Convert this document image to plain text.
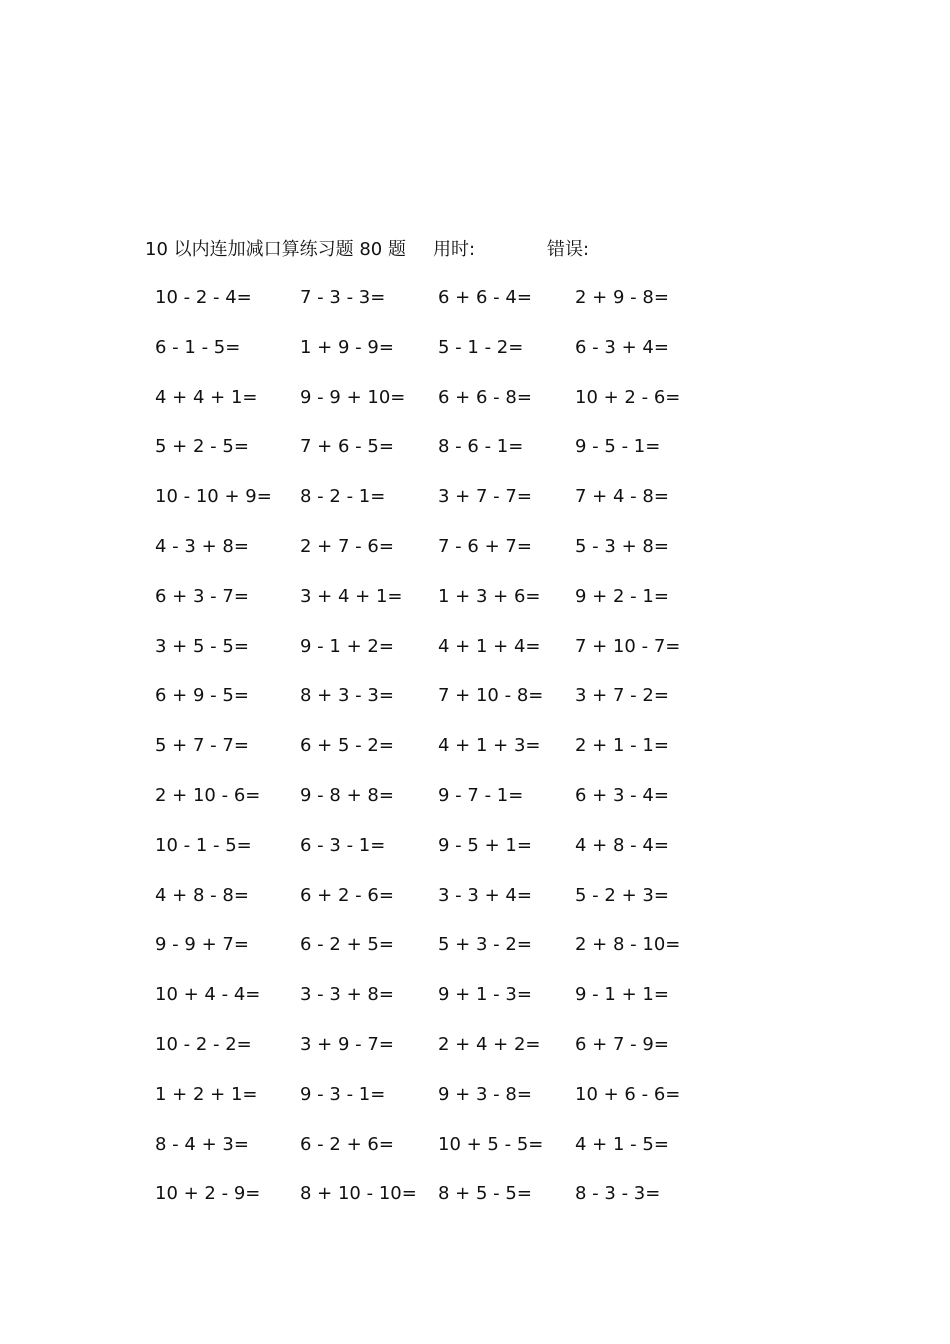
10 以内连加减口算练习题 80 题 用时:	错误:
10 - 2 - 4=	7 - 3 - 3=	6 + 6 - 4= 2 + 9 - 8=
6 - 1 - 5=	1 + 9 - 9= 5 - 1 - 2=	6 - 3 + 4=
4 + 4 + 1= 9 - 9 + 10= 6 + 6 - 8= 10 + 2 - 6=
5 + 2 - 5=	7 + 6 - 5= 8 - 6 - 1=	9 - 5 - 1=
10 - 10 + 9= 8 - 2 - 1=	3 + 7 - 7= 7 + 4 - 8=
4 - 3 + 8=	2 + 7 - 6= 7 - 6 + 7= 5 - 3 + 8=
6 + 3 - 7=	3 + 4 + 1= 1 + 3 + 6= 9 + 2 - 1=
3 + 5 - 5=	9 - 1 + 2= 4 + 1 + 4= 7 + 10 - 7=
6 + 9 - 5=	8 + 3 - 3= 7 + 10 - 8= 3 + 7 - 2=
5 + 7 - 7=	6 + 5 - 2= 4 + 1 + 3= 2 + 1 - 1=
2 + 10 - 6= 9 - 8 + 8= 9 - 7 - 1=	6 + 3 - 4=
10 - 1 - 5=	6 - 3 - 1=	9 - 5 + 1= 4 + 8 - 4=
4 + 8 - 8=	6 + 2 - 6= 3 - 3 + 4= 5 - 2 + 3=
9 - 9 + 7=	6 - 2 + 5= 5 + 3 - 2= 2 + 8 - 10=
10 + 4 - 4= 3 - 3 + 8= 9 + 1 - 3= 9 - 1 + 1=
10 - 2 - 2=	3 + 9 - 7= 2 + 4 + 2= 6 + 7 - 9=
1 + 2 + 1= 9 - 3 - 1=	9 + 3 - 8= 10 + 6 - 6=
8 - 4 + 3=	6 - 2 + 6= 10 + 5 - 5= 4 + 1 - 5=
10 + 2 - 9= 8 + 10 - 10= 8 + 5 - 5= 8 - 3 - 3=
